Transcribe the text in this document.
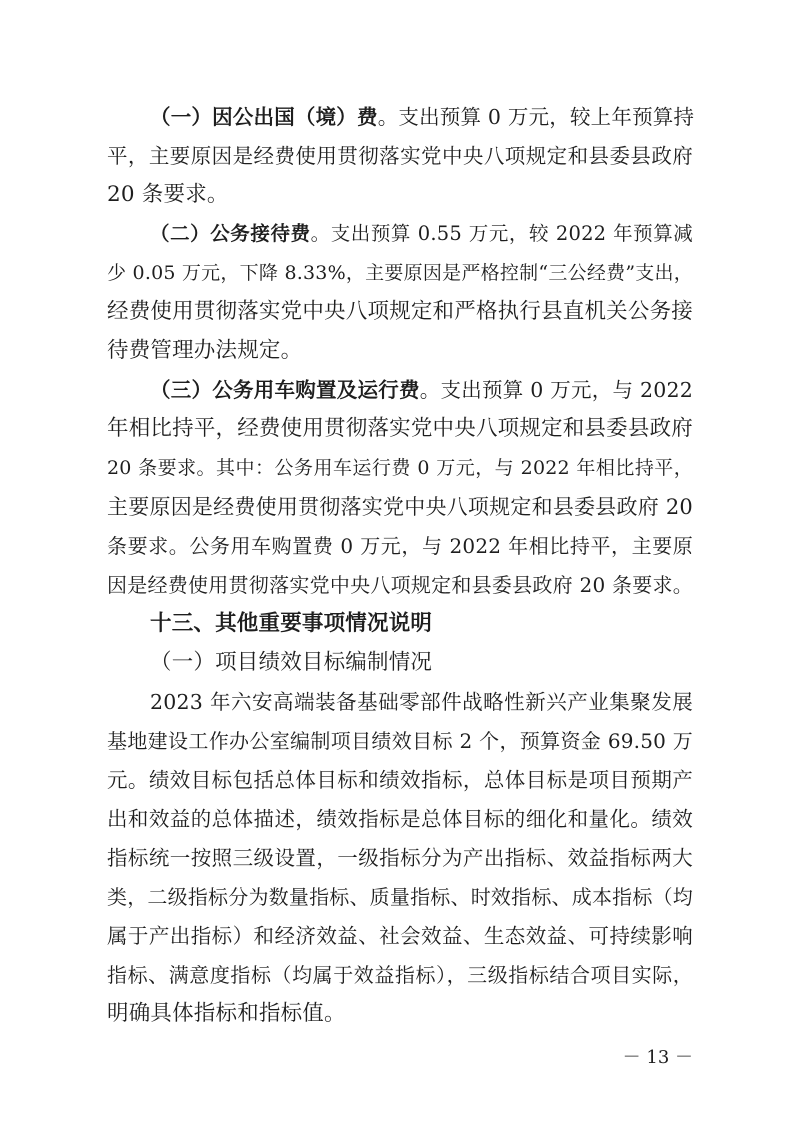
（一）因公出国（境）费。支出预算 0 万元，较上年预算持
平，主要原因是经费使用贯彻落实党中央八项规定和县委县政府
20 条要求。
（二）公务接待费。支出预算 0.55 万元，较 2022 年预算减
少 0.05 万元，下降 8.33%，主要原因是严格控制“三公经费”支出，
经费使用贯彻落实党中央八项规定和严格执行县直机关公务接
待费管理办法规定。
（三）公务用车购置及运行费。支出预算 0 万元，与 2022
年相比持平，经费使用贯彻落实党中央八项规定和县委县政府
20 条要求。其中：公务用车运行费 0 万元，与 2022 年相比持平，
主要原因是经费使用贯彻落实党中央八项规定和县委县政府 20
条要求。公务用车购置费 0 万元，与 2022 年相比持平，主要原
因是经费使用贯彻落实党中央八项规定和县委县政府 20 条要求。
十三、其他重要事项情况说明
（一）项目绩效目标编制情况
2023 年六安高端装备基础零部件战略性新兴产业集聚发展
基地建设工作办公室编制项目绩效目标 2 个，预算资金 69.50 万
元。绩效目标包括总体目标和绩效指标，总体目标是项目预期产
出和效益的总体描述，绩效指标是总体目标的细化和量化。绩效
指标统一按照三级设置，一级指标分为产出指标、效益指标两大
类，二级指标分为数量指标、质量指标、时效指标、成本指标（均
属于产出指标）和经济效益、社会效益、生态效益、可持续影响
指标、满意度指标（均属于效益指标），三级指标结合项目实际，
明确具体指标和指标值。
－ 13 －
